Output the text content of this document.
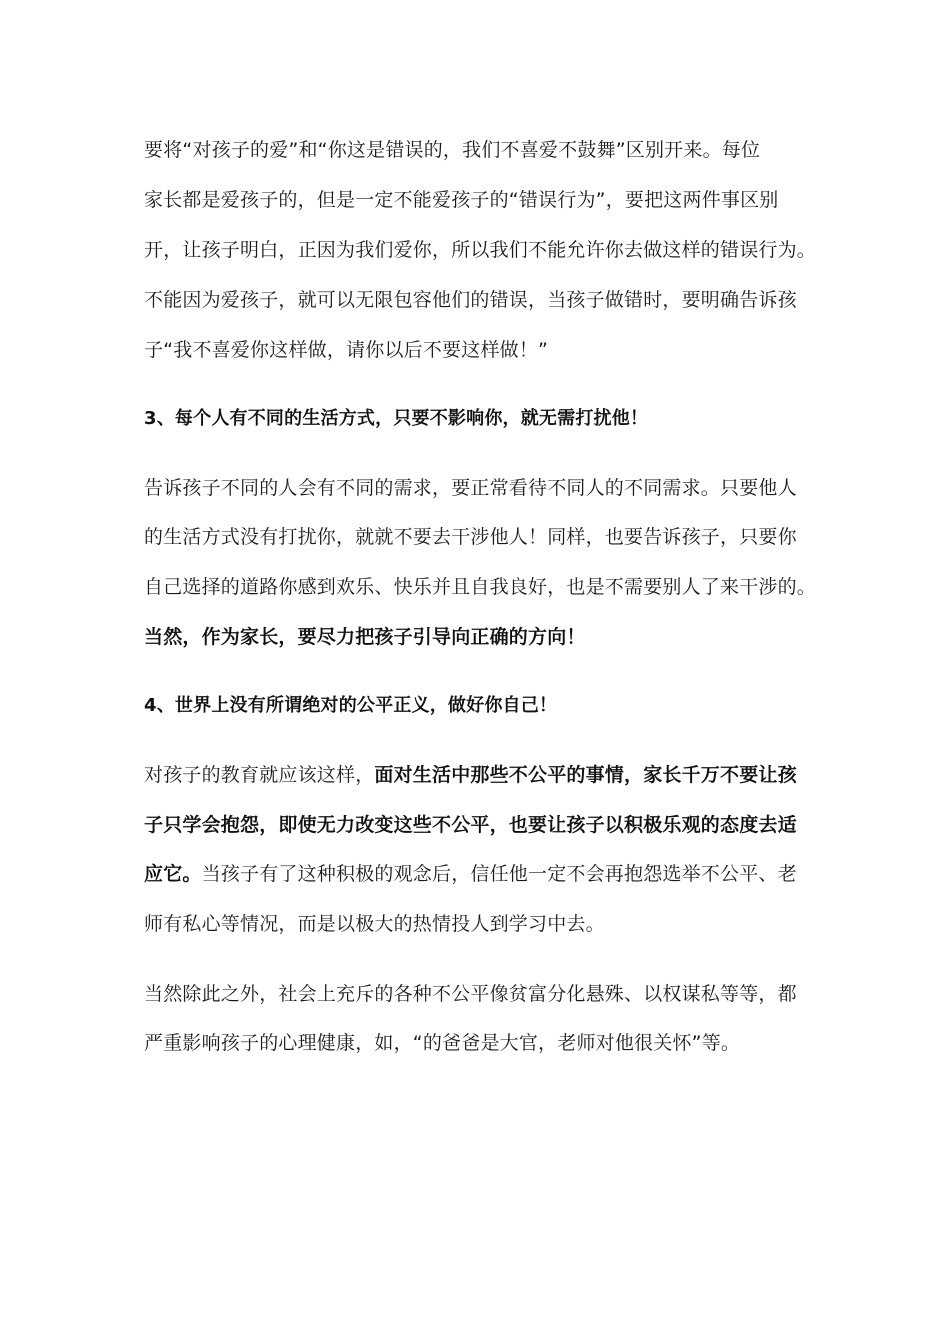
要将“对孩子的爱”和“你这是错误的，我们不喜爱不鼓舞”区别开来。每位
家长都是爱孩子的，但是一定不能爱孩子的“错误行为”，要把这两件事区别
开，让孩子明白，正因为我们爱你，所以我们不能允许你去做这样的错误行为。
不能因为爱孩子，就可以无限包容他们的错误，当孩子做错时，要明确告诉孩
子“我不喜爱你这样做，请你以后不要这样做！”
3、每个人有不同的生活方式，只要不影响你，就无需打扰他！
告诉孩子不同的人会有不同的需求，要正常看待不同人的不同需求。只要他人
的生活方式没有打扰你，就就不要去干涉他人！同样，也要告诉孩子，只要你
自己选择的道路你感到欢乐、快乐并且自我良好，也是不需要别人了来干涉的。
当然，作为家长，要尽力把孩子引导向正确的方向！
4、世界上没有所谓绝对的公平正义，做好你自己！
对孩子的教育就应该这样，面对生活中那些不公平的事情，家长千万不要让孩
子只学会抱怨，即使无力改变这些不公平，也要让孩子以积极乐观的态度去适
应它。当孩子有了这种积极的观念后，信任他一定不会再抱怨选举不公平、老
师有私心等情况，而是以极大的热情投人到学习中去。
当然除此之外，社会上充斥的各种不公平像贫富分化悬殊、以权谋私等等，都
严重影响孩子的心理健康，如，“的爸爸是大官，老师对他很关怀”等。
